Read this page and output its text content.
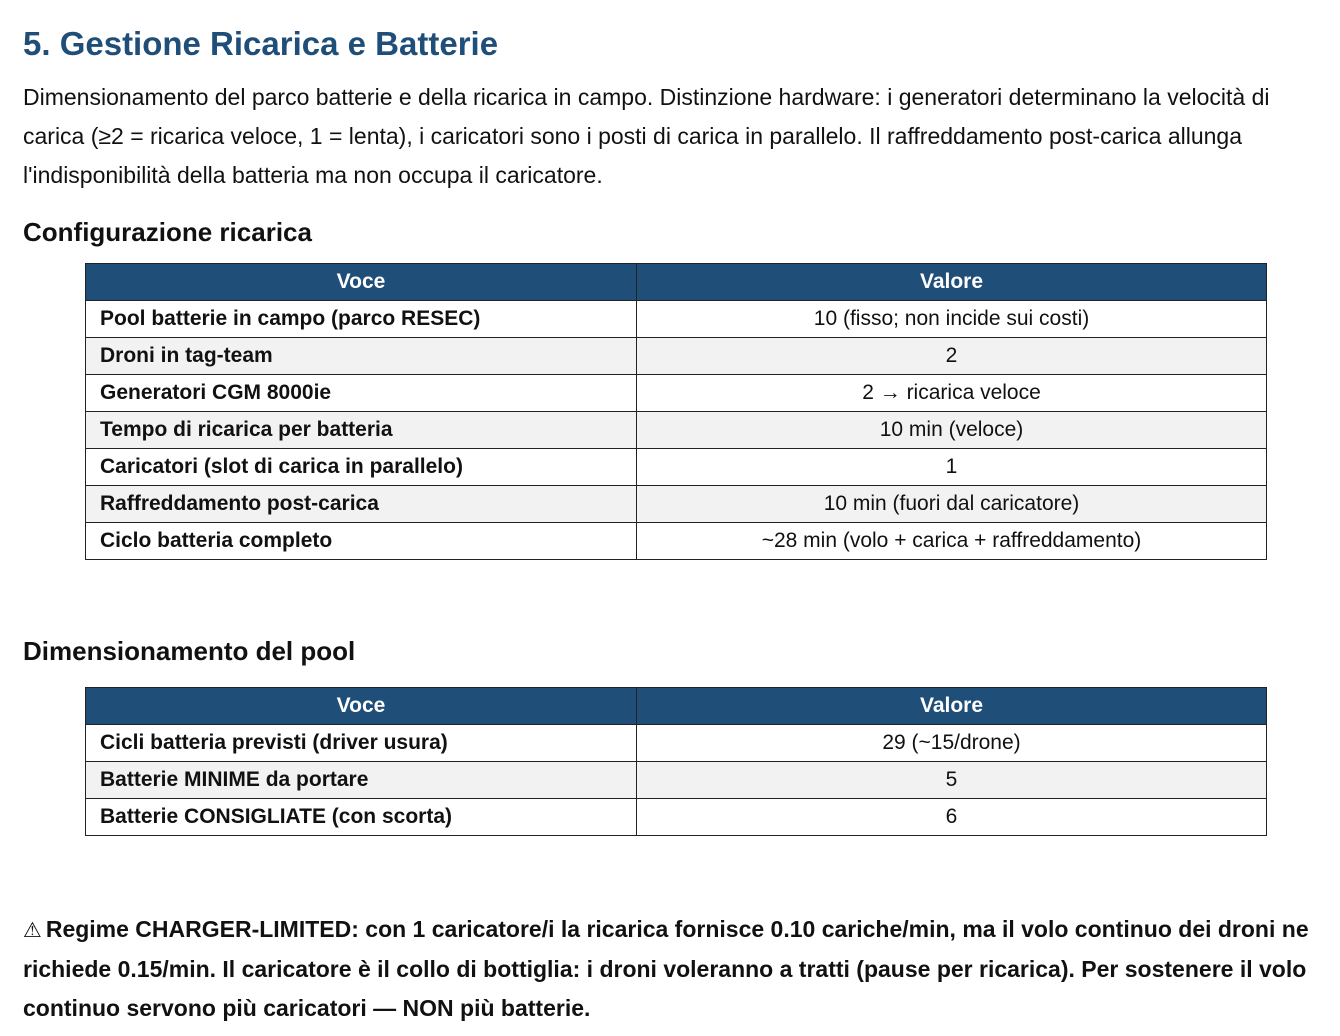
5. Gestione Ricarica e Batterie

Dimensionamento del parco batterie e della ricarica in campo. Distinzione hardware: i generatori determinano la velocità di carica (≥2 = ricarica veloce, 1 = lenta), i caricatori sono i posti di carica in parallelo. Il raffreddamento post-carica allunga l'indisponibilità della batteria ma non occupa il caricatore.

Configurazione ricarica
Voce	Valore
Pool batterie in campo (parco RESEC)	10 (fisso; non incide sui costi)
Droni in tag-team	2
Generatori CGM 8000ie	2 → ricarica veloce
Tempo di ricarica per batteria	10 min (veloce)
Caricatori (slot di carica in parallelo)	1
Raffreddamento post-carica	10 min (fuori dal caricatore)
Ciclo batteria completo	~28 min (volo + carica + raffreddamento)
Dimensionamento del pool
Voce	Valore
Cicli batteria previsti (driver usura)	29 (~15/drone)
Batterie MINIME da portare	5
Batterie CONSIGLIATE (con scorta)	6

⚠ Regime CHARGER-LIMITED: con 1 caricatore/i la ricarica fornisce 0.10 cariche/min, ma il volo continuo dei droni ne richiede 0.15/min. Il caricatore è il collo di bottiglia: i droni voleranno a tratti (pause per ricarica). Per sostenere il volo continuo servono più caricatori — NON più batterie.
